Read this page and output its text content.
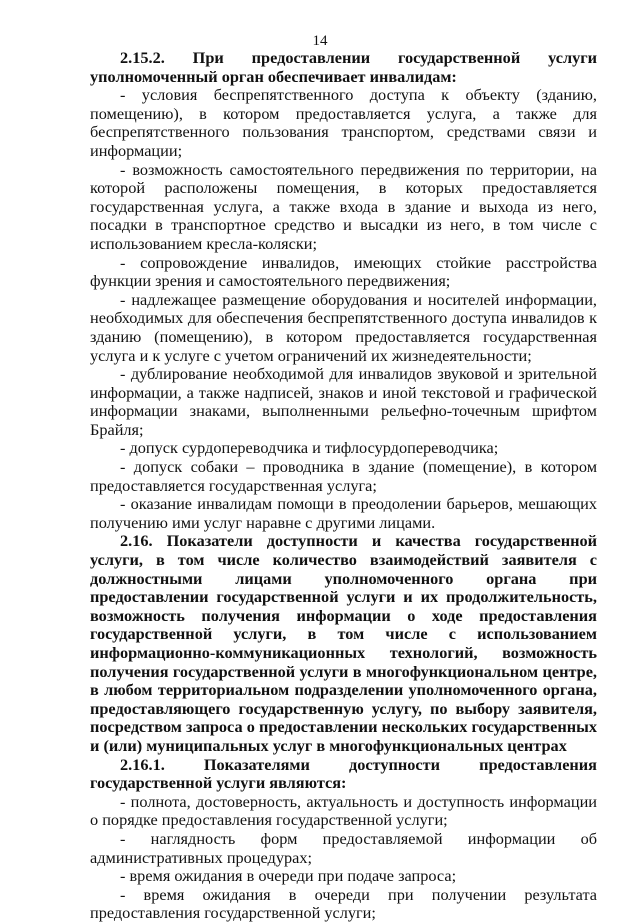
14

2.15.2. При предоставлении государственной услуги уполномоченный орган обеспечивает инвалидам:

- условия беспрепятственного доступа к объекту (зданию, помещению), в котором предоставляется услуга, а также для беспрепятственного пользования транспортом, средствами связи и информации;

- возможность самостоятельного передвижения по территории, на которой расположены помещения, в которых предоставляется государственная услуга, а также входа в здание и выхода из него, посадки в транспортное средство и высадки из него, в том числе с использованием кресла-коляски;

- сопровождение инвалидов, имеющих стойкие расстройства функции зрения и самостоятельного передвижения;

- надлежащее размещение оборудования и носителей информации, необходимых для обеспечения беспрепятственного доступа инвалидов к зданию (помещению), в котором предоставляется государственная услуга и к услуге с учетом ограничений их жизнедеятельности;

- дублирование необходимой для инвалидов звуковой и зрительной информации, а также надписей, знаков и иной текстовой и графической информации знаками, выполненными рельефно-точечным шрифтом Брайля;

- допуск сурдопереводчика и тифлосурдопереводчика;

- допуск собаки – проводника в здание (помещение), в котором предоставляется государственная услуга;

- оказание инвалидам помощи в преодолении барьеров, мешающих получению ими услуг наравне с другими лицами.

2.16. Показатели доступности и качества государственной услуги, в том числе количество взаимодействий заявителя с должностными лицами уполномоченного органа при предоставлении государственной услуги и их продолжительность, возможность получения информации о ходе предоставления государственной услуги, в том числе с использованием информационно-коммуникационных технологий, возможность получения государственной услуги в многофункциональном центре, в любом территориальном подразделении уполномоченного органа, предоставляющего государственную услугу, по выбору заявителя, посредством запроса о предоставлении нескольких государственных и (или) муниципальных услуг в многофункциональных центрах

2.16.1. Показателями доступности предоставления государственной услуги являются:

- полнота, достоверность, актуальность и доступность информации о порядке предоставления государственной услуги;

- наглядность форм предоставляемой информации об административных процедурах;

- время ожидания в очереди при подаче запроса;

- время ожидания в очереди при получении результата предоставления государственной услуги;
